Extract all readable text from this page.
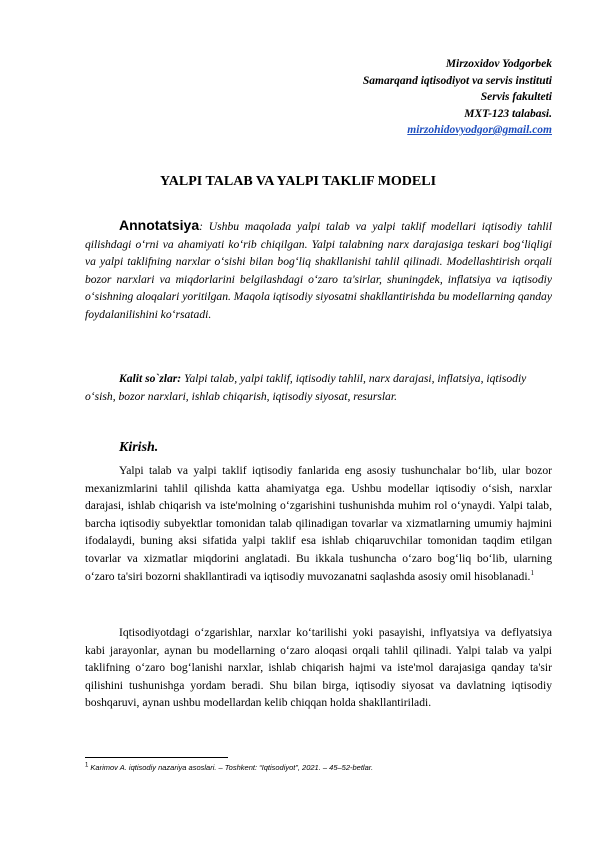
Mirzoxidov Yodgorbek
Samarqand iqtisodiyot va servis instituti
Servis fakulteti
MXT-123 talabasi.
mirzohidovyodgor@gmail.com
YALPI TALAB VA YALPI TAKLIF MODELI
Annotatsiya: Ushbu maqolada yalpi talab va yalpi taklif modellari iqtisodiy tahlil qilishdagi o‘rni va ahamiyati ko‘rib chiqilgan. Yalpi talabning narx darajasiga teskari bog‘liqligi va yalpi taklifning narxlar o‘sishi bilan bog‘liq shakllanishi tahlil qilinadi. Modellashtirish orqali bozor narxlari va miqdorlarini belgilashdagi o‘zaro ta'sirlar, shuningdek, inflatsiya va iqtisodiy o‘sishning aloqalari yoritilgan. Maqola iqtisodiy siyosatni shakllantirishda bu modellarning qanday foydalanilishini ko‘rsatadi.
Kalit so`zlar: Yalpi talab, yalpi taklif, iqtisodiy tahlil, narx darajasi, inflatsiya, iqtisodiy o‘sish, bozor narxlari, ishlab chiqarish, iqtisodiy siyosat, resurslar.
Kirish.
Yalpi talab va yalpi taklif iqtisodiy fanlarida eng asosiy tushunchalar bo‘lib, ular bozor mexanizmlarini tahlil qilishda katta ahamiyatga ega. Ushbu modellar iqtisodiy o‘sish, narxlar darajasi, ishlab chiqarish va iste'molning o‘zgarishini tushunishda muhim rol o‘ynaydi. Yalpi talab, barcha iqtisodiy subyektlar tomonidan talab qilinadigan tovarlar va xizmatlarning umumiy hajmini ifodalaydi, buning aksi sifatida yalpi taklif esa ishlab chiqaruvchilar tomonidan taqdim etilgan tovarlar va xizmatlar miqdorini anglatadi. Bu ikkala tushuncha o‘zaro bog‘liq bo‘lib, ularning o‘zaro ta'siri bozorni shakllantiradi va iqtisodiy muvozanatni saqlashda asosiy omil hisoblanadi.$^1$
Iqtisodiyotdagi o‘zgarishlar, narxlar ko‘tarilishi yoki pasayishi, inflyatsiya va deflyatsiya kabi jarayonlar, aynan bu modellarning o‘zaro aloqasi orqali tahlil qilinadi. Yalpi talab va yalpi taklifning o‘zaro bog‘lanishi narxlar, ishlab chiqarish hajmi va iste'mol darajasiga qanday ta'sir qilishini tushunishga yordam beradi. Shu bilan birga, iqtisodiy siyosat va davlatning iqtisodiy boshqaruvi, aynan ushbu modellardan kelib chiqqan holda shakllantiriladi.
$^1$ Karimov A. iqtisodiy nazariya asoslari. – Toshkent: “Iqtisodiyot”, 2021. – 45–52-betlar.
